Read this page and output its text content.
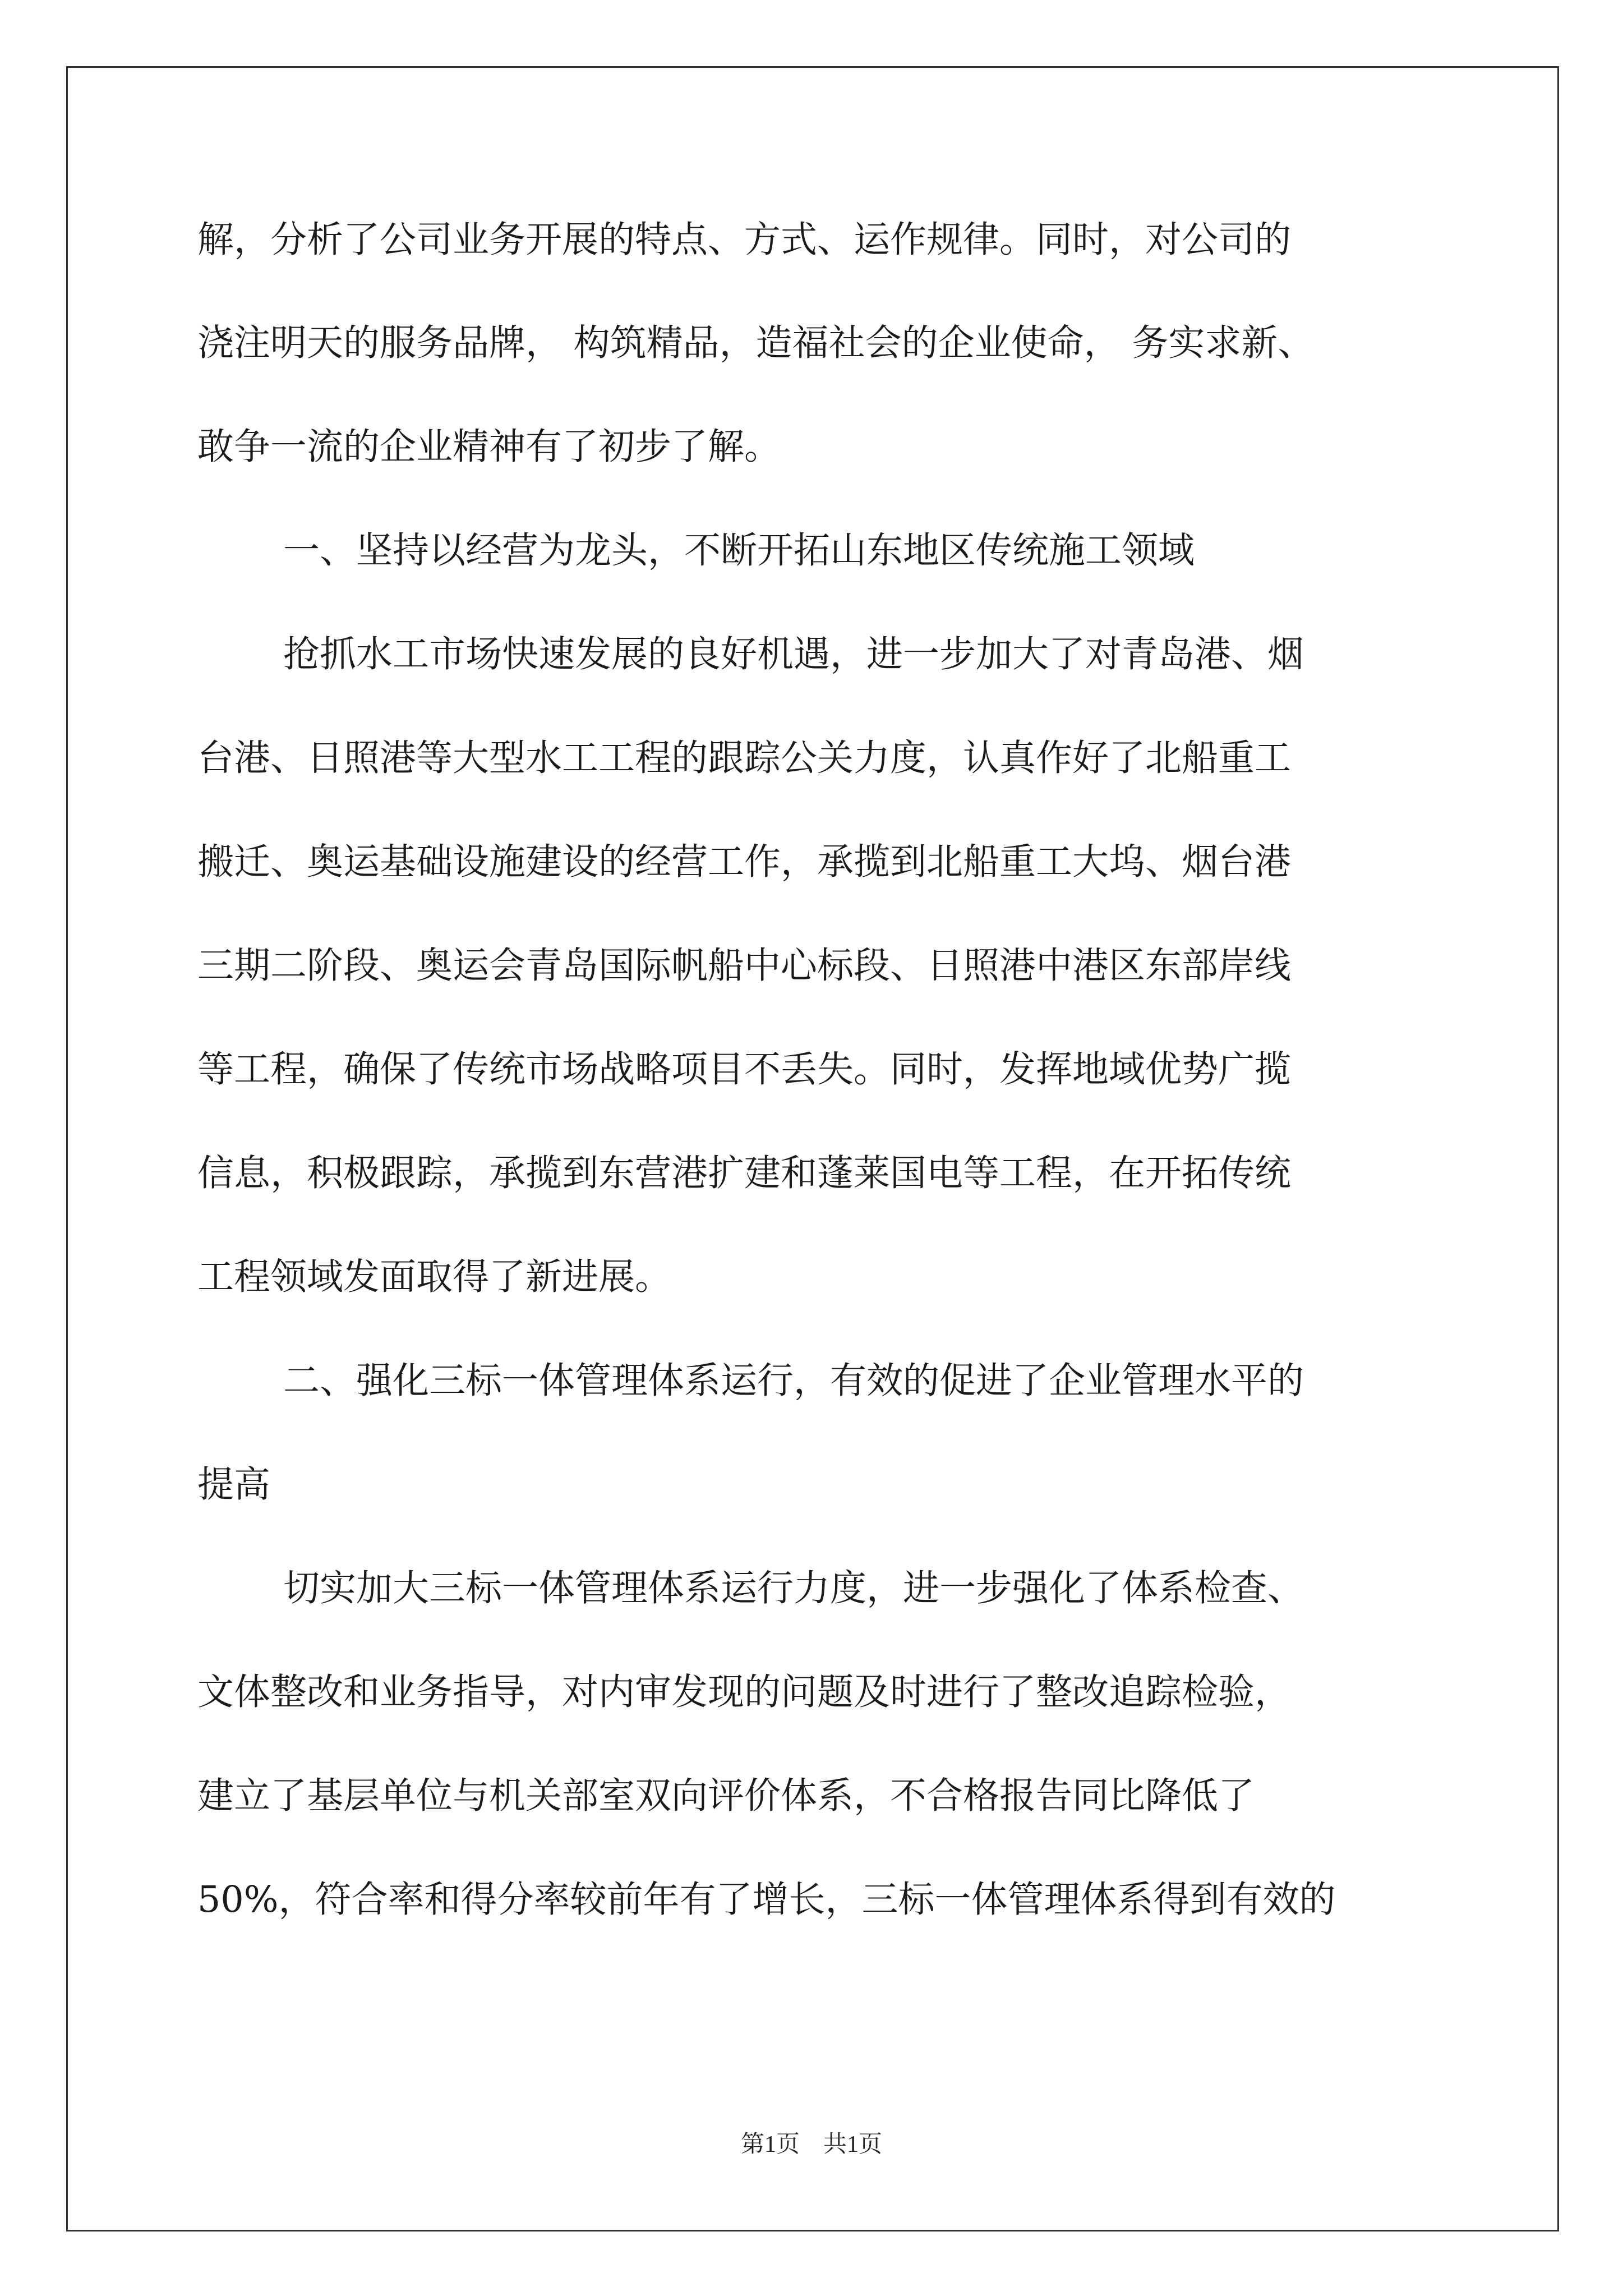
解，分析了公司业务开展的特点、方式、运作规律。同时，对公司的
浇注明天的服务品牌， 构筑精品，造福社会的企业使命， 务实求新、
敢争一流的企业精神有了初步了解。
一、坚持以经营为龙头，不断开拓山东地区传统施工领域
抢抓水工市场快速发展的良好机遇，进一步加大了对青岛港、烟
台港、日照港等大型水工工程的跟踪公关力度，认真作好了北船重工
搬迁、奥运基础设施建设的经营工作，承揽到北船重工大坞、烟台港
三期二阶段、奥运会青岛国际帆船中心标段、日照港中港区东部岸线
等工程，确保了传统市场战略项目不丢失。同时，发挥地域优势广揽
信息，积极跟踪，承揽到东营港扩建和蓬莱国电等工程，在开拓传统
工程领域发面取得了新进展。
二、强化三标一体管理体系运行，有效的促进了企业管理水平的
提高
切实加大三标一体管理体系运行力度，进一步强化了体系检查、
文体整改和业务指导，对内审发现的问题及时进行了整改追踪检验，
建立了基层单位与机关部室双向评价体系，不合格报告同比降低了
50%，符合率和得分率较前年有了增长，三标一体管理体系得到有效的
第1页　共1页
